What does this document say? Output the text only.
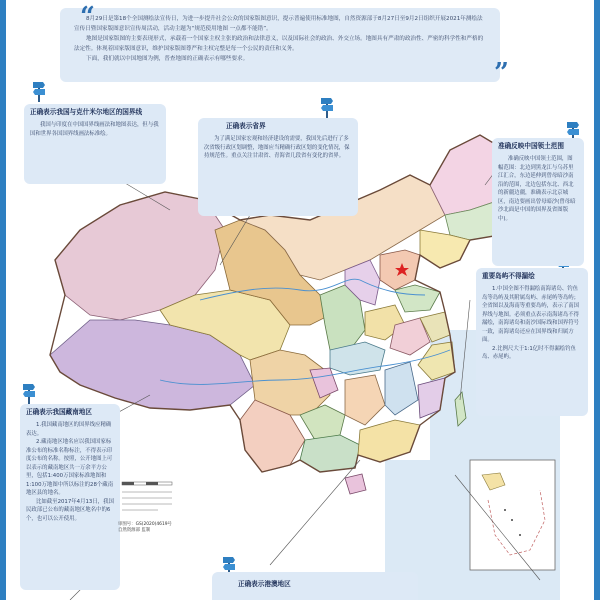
8月29日是第18个全国测绘法宣传日，为进一步提升社会公众的国家版图意识，提示普遍使用标准地图，自然资源部于8月27日至9月2日组织开展2021年测绘法宣传日暨国家版图意识宣传周活动，活动主题为“规范使用地图 一点都不能错”。

地图是国家版图的主要表现形式，承载着一个国家主权主张的政治和法律意义，以及国际社会的政治、外交立场。地图具有严肃的政治性、严密的科学性和严格的法定性。体现着国家版图意识，维护国家版图尊严和主权完整是每一个公民的责任和义务。

下面，我们就以中国地图为例，普查地图的正确表示有哪些要求。

“
”
正确表示我国与克什米尔地区的国界线
我国与印度在中国国界线画法和地图表达，但与我国和世界各国国界线画法标准绘。
正确表示省界
为了满足国家宏观和经济建设的需要，我国先后进行了多次省级行政区划调整，地图应当精确行政区划的变化情况，保持规范性。重点关注甘肃省、青海省几段省有变化的省界。
准确反映中国领土范围
准确反映中国领土范围，图幅范围：北边到黑龙江与乌苏里江汇合，东边延伸到曾母暗沙南沿的范围，北边包括东北、西北的新疆边疆，准确表示北京城区，南边要画出曾母暗沙(曾母暗沙北面是中国的国界及省图版中)。
重要岛屿不得漏绘
1.中国全图不得漏绘南海诸岛、钓鱼岛等岛屿及其附属岛屿、赤尾屿等岛屿；全省图以及海南等重要岛屿，表示了南国界线与地图。必须重点表示南海诸岛不得漏绘，南海诸岛和南沙国际线和国界符号一致，南海诸岛还应在国界线和归属方面。
2.比例尺大于1:1亿时不得漏绘钓鱼岛、赤尾屿。
正确表示我国藏南地区
1.我国藏南地区的国界线应精确表达。
2.藏南地区地名应以我国国家标准公布的标准名称标注，不得表示印度公布的名称。按照，公开地图上可以表示的藏南地区共一万余平方公里，包括1:400万国家标准地图和1:100万地图中所以标注的28个藏南地区县的地名。
比如截至2017年4月13日，我国民政部已公布的藏南地区地名中的6个，也可以公开使用。
正确表示港澳地区
审图号：GS(2020)4619号
自然资源部 监制
